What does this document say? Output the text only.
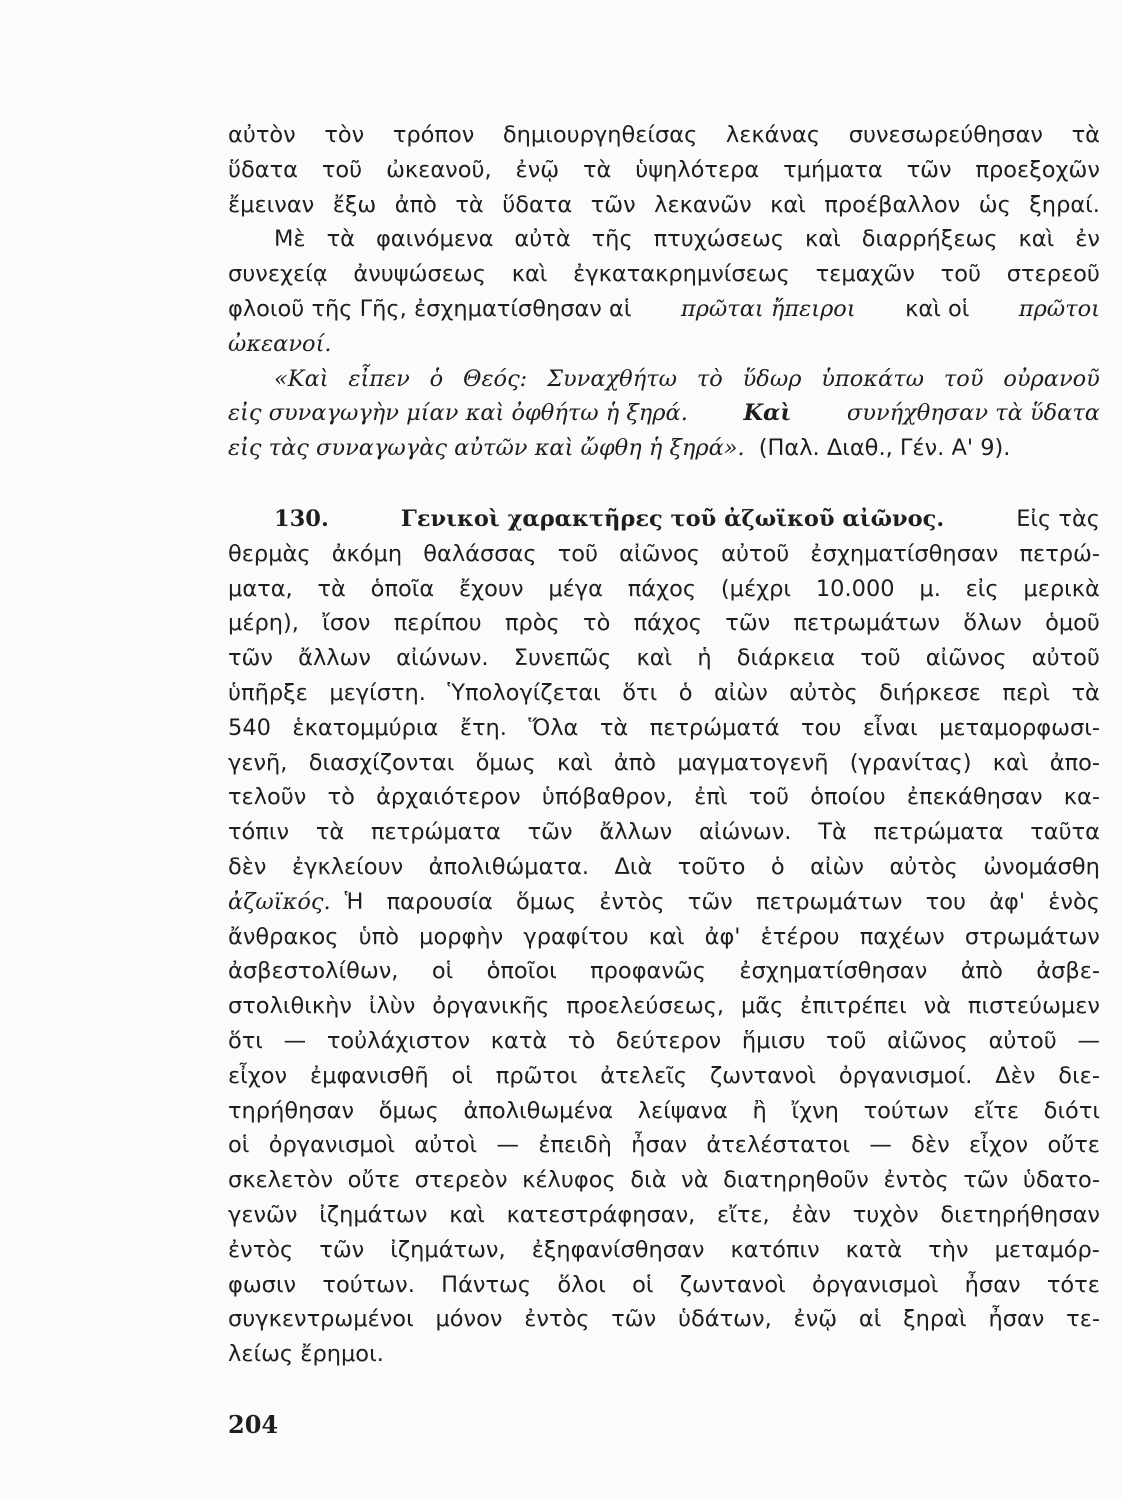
αὐτὸν τὸν τρόπον δημιουργηθείσας λεκάνας συνεσωρεύθησαν τὰ
ὕδατα τοῦ ὠκεανοῦ, ἐνῷ τὰ ὑψηλότερα τμήματα τῶν προεξοχῶν
ἔμειναν ἔξω ἀπὸ τὰ ὕδατα τῶν λεκανῶν καὶ προέβαλλον ὡς ξηραί.
Μὲ τὰ φαινόμενα αὐτὰ τῆς πτυχώσεως καὶ διαρρήξεως καὶ ἐν
συνεχείᾳ ἀνυψώσεως καὶ ἐγκατακρημνίσεως τεμαχῶν τοῦ στερεοῦ
φλοιοῦ τῆς Γῆς, ἐσχηματίσθησαν αἱ πρῶται ἤπειροι καὶ οἱ πρῶτοι
ὠκεανοί.
«Καὶ εἶπεν ὁ Θεός: Συναχθήτω τὸ ὕδωρ ὑποκάτω τοῦ οὐρανοῦ
εἰς συναγωγὴν μίαν καὶ ὀφθήτω ἡ ξηρά. Καὶ συνήχθησαν τὰ ὕδατα
εἰς τὰς συναγωγὰς αὐτῶν καὶ ὤφθη ἡ ξηρά». (Παλ. Διαθ., Γέν. Α' 9).
130.	Γενικοὶ χαρακτῆρες τοῦ ἀζωϊκοῦ αἰῶνος.	Εἰς τὰς
θερμὰς ἀκόμη θαλάσσας τοῦ αἰῶνος αὐτοῦ ἐσχηματίσθησαν πετρώ-
ματα, τὰ ὁποῖα ἔχουν μέγα πάχος (μέχρι 10.000 μ. εἰς μερικὰ
μέρη), ἴσον περίπου πρὸς τὸ πάχος τῶν πετρωμάτων ὅλων ὁμοῦ
τῶν ἄλλων αἰώνων. Συνεπῶς καὶ ἡ διάρκεια τοῦ αἰῶνος αὐτοῦ
ὑπῆρξε μεγίστη. Ὑπολογίζεται ὅτι ὁ αἰὼν αὐτὸς διήρκεσε περὶ τὰ
540 ἑκατομμύρια ἔτη. Ὅλα τὰ πετρώματά του εἶναι μεταμορφωσι-
γενῆ, διασχίζονται ὅμως καὶ ἀπὸ μαγματογενῆ (γρανίτας) καὶ ἀπο-
τελοῦν τὸ ἀρχαιότερον ὑπόβαθρον, ἐπὶ τοῦ ὁποίου ἐπεκάθησαν κα-
τόπιν τὰ πετρώματα τῶν ἄλλων αἰώνων. Τὰ πετρώματα ταῦτα
δὲν ἐγκλείουν ἀπολιθώματα. Διὰ τοῦτο ὁ αἰὼν αὐτὸς ὠνομάσθη
ἀζωϊκός. Ἡ παρουσία ὅμως ἐντὸς τῶν πετρωμάτων του ἀφ' ἑνὸς
ἄνθρακος ὑπὸ μορφὴν γραφίτου καὶ ἀφ' ἑτέρου παχέων στρωμάτων
ἀσβεστολίθων, οἱ ὁποῖοι προφανῶς ἐσχηματίσθησαν ἀπὸ ἀσβε-
στολιθικὴν ἰλὺν ὀργανικῆς προελεύσεως, μᾶς ἐπιτρέπει νὰ πιστεύωμεν
ὅτι — τοὐλάχιστον κατὰ τὸ δεύτερον ἥμισυ τοῦ αἰῶνος αὐτοῦ —
εἶχον ἐμφανισθῆ οἱ πρῶτοι ἀτελεῖς ζωντανοὶ ὀργανισμοί. Δὲν διε-
τηρήθησαν ὅμως ἀπολιθωμένα λείψανα ἢ ἴχνη τούτων εἴτε διότι
οἱ ὀργανισμοὶ αὐτοὶ — ἐπειδὴ ἦσαν ἀτελέστατοι — δὲν εἶχον οὔτε
σκελετὸν οὔτε στερεὸν κέλυφος διὰ νὰ διατηρηθοῦν ἐντὸς τῶν ὑδατο-
γενῶν ἰζημάτων καὶ κατεστράφησαν, εἴτε, ἐὰν τυχὸν διετηρήθησαν
ἐντὸς τῶν ἰζημάτων, ἐξηφανίσθησαν κατόπιν κατὰ τὴν μεταμόρ-
φωσιν τούτων. Πάντως ὅλοι οἱ ζωντανοὶ ὀργανισμοὶ ἦσαν τότε
συγκεντρωμένοι μόνον ἐντὸς τῶν ὑδάτων, ἐνῷ αἱ ξηραὶ ἦσαν τε-
λείως ἔρημοι.
204
